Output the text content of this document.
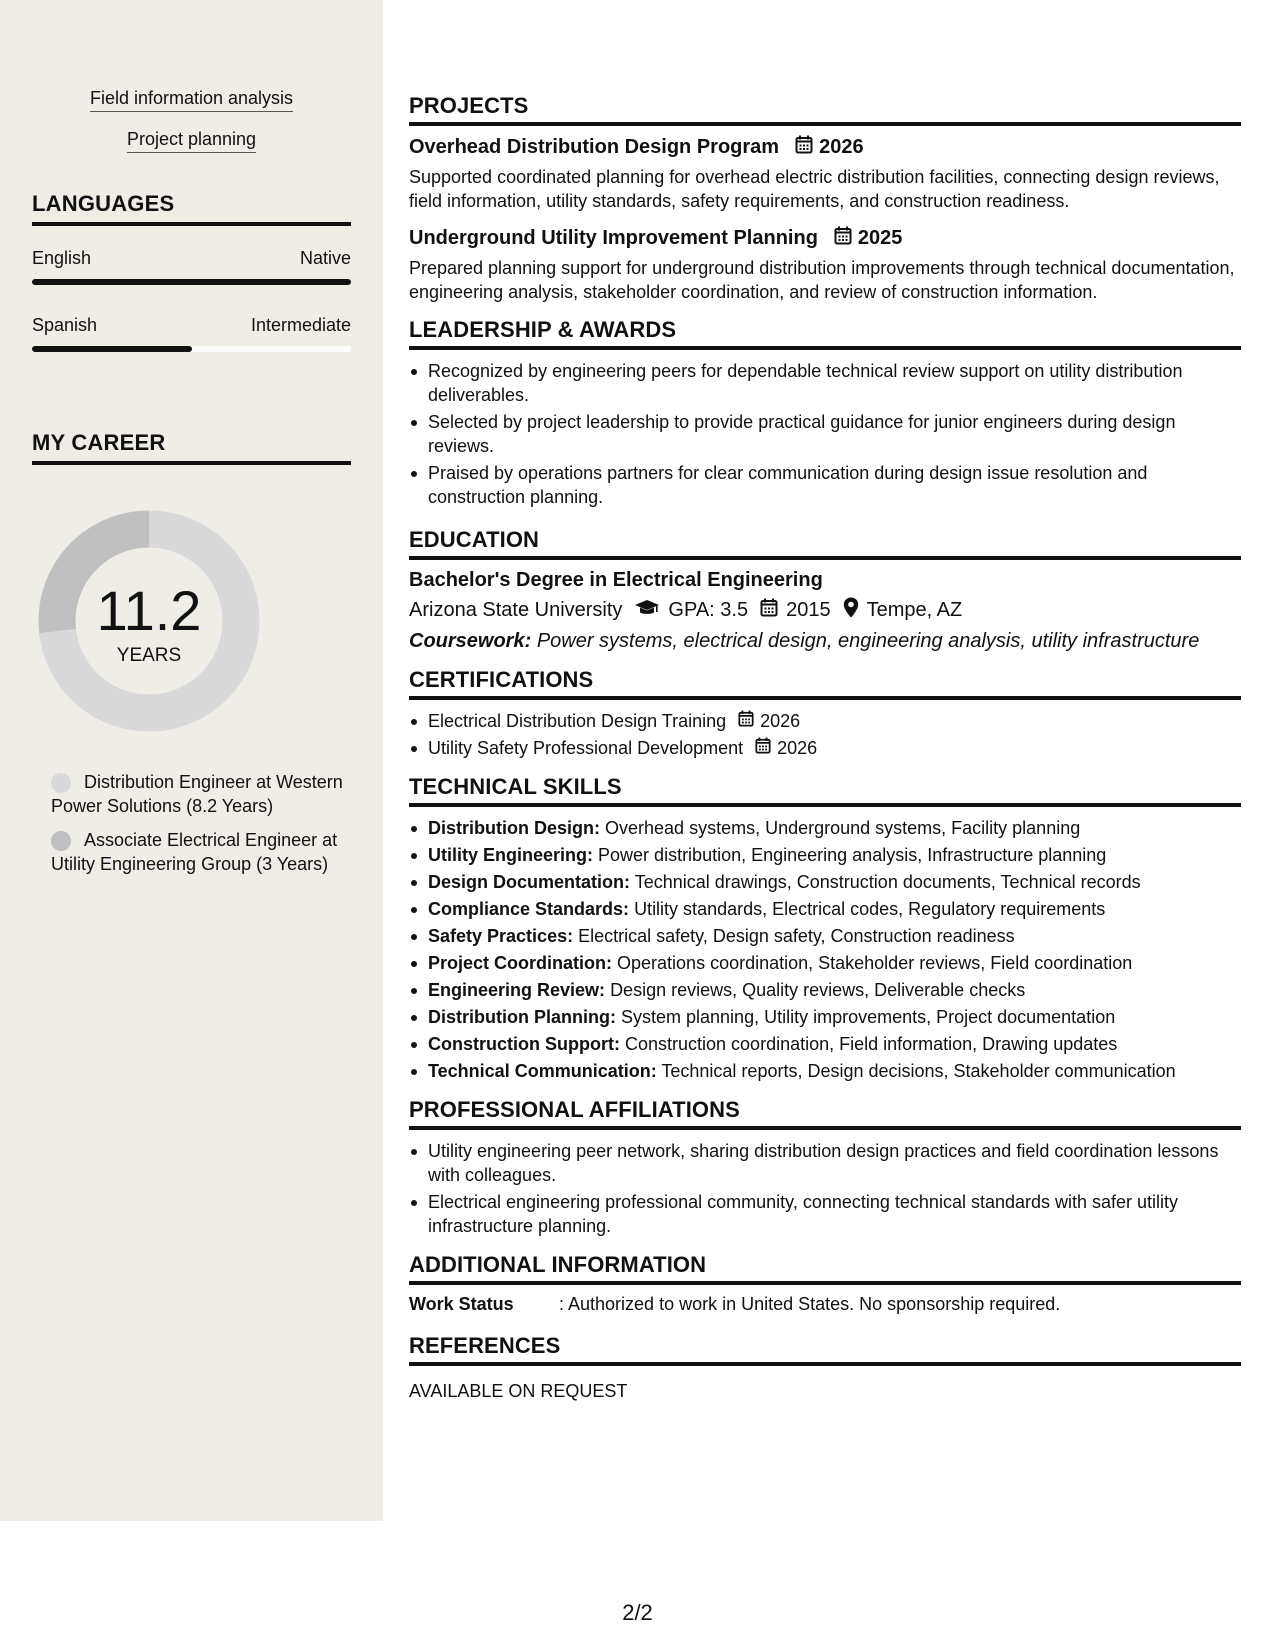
Field information analysis
Project planning
LANGUAGES
English	Native
Spanish	Intermediate
MY CAREER
11.2
YEARS
Distribution Engineer at Western Power Solutions (8.2 Years)
Associate Electrical Engineer at Utility Engineering Group (3 Years)
PROJECTS
Overhead Distribution Design Program 2026
Supported coordinated planning for overhead electric distribution facilities, connecting design reviews, field information, utility standards, safety requirements, and construction readiness.
Underground Utility Improvement Planning 2025
Prepared planning support for underground distribution improvements through technical documentation, engineering analysis, stakeholder coordination, and review of construction information.
LEADERSHIP & AWARDS
Recognized by engineering peers for dependable technical review support on utility distribution deliverables.
Selected by project leadership to provide practical guidance for junior engineers during design reviews.
Praised by operations partners for clear communication during design issue resolution and construction planning.
EDUCATION
Bachelor's Degree in Electrical Engineering
Arizona State University GPA: 3.5 2015 Tempe, AZ
Coursework: Power systems, electrical design, engineering analysis, utility infrastructure
CERTIFICATIONS
Electrical Distribution Design Training 2026
Utility Safety Professional Development 2026
TECHNICAL SKILLS
Distribution Design: Overhead systems, Underground systems, Facility planning
Utility Engineering: Power distribution, Engineering analysis, Infrastructure planning
Design Documentation: Technical drawings, Construction documents, Technical records
Compliance Standards: Utility standards, Electrical codes, Regulatory requirements
Safety Practices: Electrical safety, Design safety, Construction readiness
Project Coordination: Operations coordination, Stakeholder reviews, Field coordination
Engineering Review: Design reviews, Quality reviews, Deliverable checks
Distribution Planning: System planning, Utility improvements, Project documentation
Construction Support: Construction coordination, Field information, Drawing updates
Technical Communication: Technical reports, Design decisions, Stakeholder communication
PROFESSIONAL AFFILIATIONS
Utility engineering peer network, sharing distribution design practices and field coordination lessons with colleagues.
Electrical engineering professional community, connecting technical standards with safer utility infrastructure planning.
ADDITIONAL INFORMATION
Work Status	: Authorized to work in United States. No sponsorship required.
REFERENCES
AVAILABLE ON REQUEST
2/2
